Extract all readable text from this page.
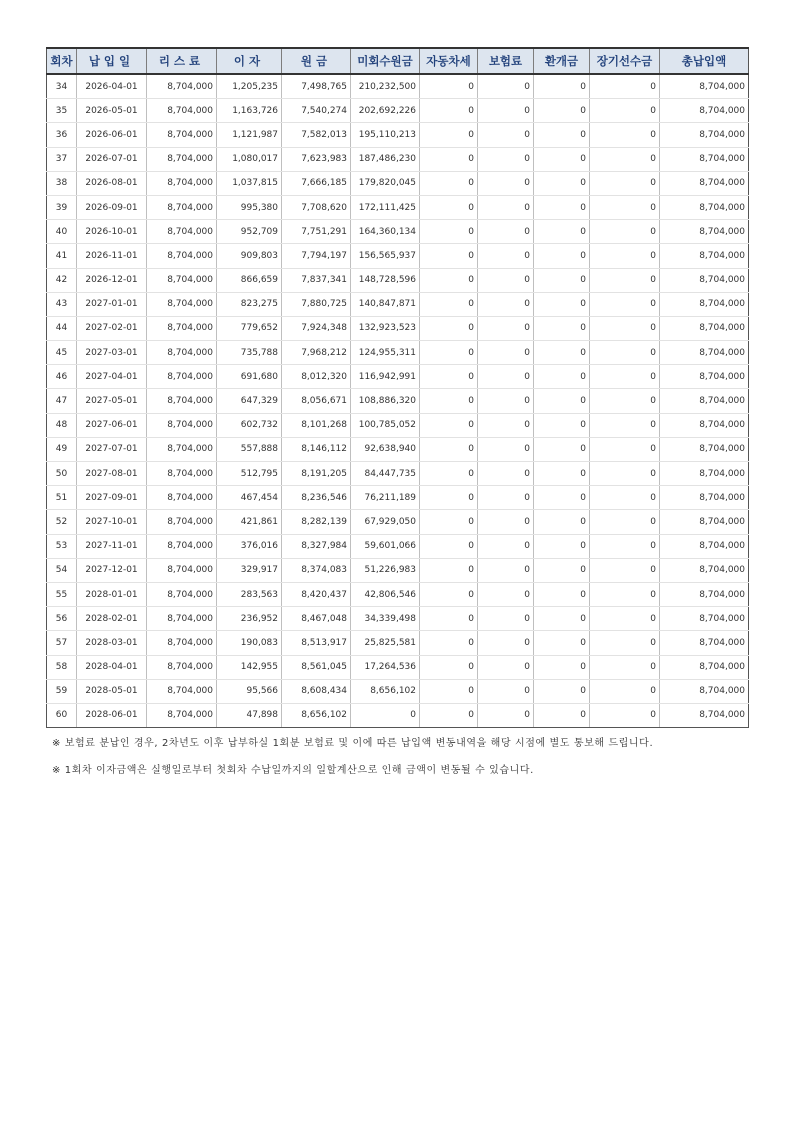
회차	납입일	리스료	이자	원금	미회수원금	자동차세	보험료	환개금	장기선수금	총납입액
34	2026-04-01	8,704,000	1,205,235	7,498,765	210,232,500	0	0	0	0	8,704,000
35	2026-05-01	8,704,000	1,163,726	7,540,274	202,692,226	0	0	0	0	8,704,000
36	2026-06-01	8,704,000	1,121,987	7,582,013	195,110,213	0	0	0	0	8,704,000
37	2026-07-01	8,704,000	1,080,017	7,623,983	187,486,230	0	0	0	0	8,704,000
38	2026-08-01	8,704,000	1,037,815	7,666,185	179,820,045	0	0	0	0	8,704,000
39	2026-09-01	8,704,000	995,380	7,708,620	172,111,425	0	0	0	0	8,704,000
40	2026-10-01	8,704,000	952,709	7,751,291	164,360,134	0	0	0	0	8,704,000
41	2026-11-01	8,704,000	909,803	7,794,197	156,565,937	0	0	0	0	8,704,000
42	2026-12-01	8,704,000	866,659	7,837,341	148,728,596	0	0	0	0	8,704,000
43	2027-01-01	8,704,000	823,275	7,880,725	140,847,871	0	0	0	0	8,704,000
44	2027-02-01	8,704,000	779,652	7,924,348	132,923,523	0	0	0	0	8,704,000
45	2027-03-01	8,704,000	735,788	7,968,212	124,955,311	0	0	0	0	8,704,000
46	2027-04-01	8,704,000	691,680	8,012,320	116,942,991	0	0	0	0	8,704,000
47	2027-05-01	8,704,000	647,329	8,056,671	108,886,320	0	0	0	0	8,704,000
48	2027-06-01	8,704,000	602,732	8,101,268	100,785,052	0	0	0	0	8,704,000
49	2027-07-01	8,704,000	557,888	8,146,112	92,638,940	0	0	0	0	8,704,000
50	2027-08-01	8,704,000	512,795	8,191,205	84,447,735	0	0	0	0	8,704,000
51	2027-09-01	8,704,000	467,454	8,236,546	76,211,189	0	0	0	0	8,704,000
52	2027-10-01	8,704,000	421,861	8,282,139	67,929,050	0	0	0	0	8,704,000
53	2027-11-01	8,704,000	376,016	8,327,984	59,601,066	0	0	0	0	8,704,000
54	2027-12-01	8,704,000	329,917	8,374,083	51,226,983	0	0	0	0	8,704,000
55	2028-01-01	8,704,000	283,563	8,420,437	42,806,546	0	0	0	0	8,704,000
56	2028-02-01	8,704,000	236,952	8,467,048	34,339,498	0	0	0	0	8,704,000
57	2028-03-01	8,704,000	190,083	8,513,917	25,825,581	0	0	0	0	8,704,000
58	2028-04-01	8,704,000	142,955	8,561,045	17,264,536	0	0	0	0	8,704,000
59	2028-05-01	8,704,000	95,566	8,608,434	8,656,102	0	0	0	0	8,704,000
60	2028-06-01	8,704,000	47,898	8,656,102	0	0	0	0	0	8,704,000
※ 보험료 분납인 경우, 2차년도 이후 납부하실 1회분 보험료 및 이에 따른 납입액 변동내역을 해당 시점에 별도 통보해 드립니다.
※ 1회차 이자금액은 실행일로부터 첫회차 수납일까지의 일할계산으로 인해 금액이 변동될 수 있습니다.
